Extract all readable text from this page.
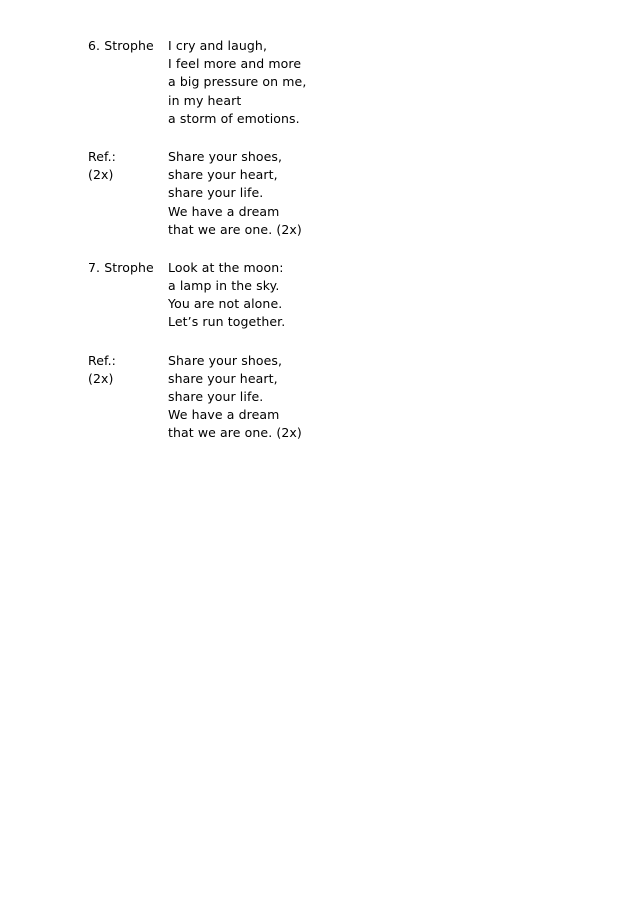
6. Strophe	I cry and laugh,
I feel more and more
a big pressure on me,
in my heart
a storm of emotions.
Ref.:
(2x)
Share your shoes,
share your heart,
share your life.
We have a dream
that we are one. (2x)
7. Strophe	Look at the moon:
a lamp in the sky.
You are not alone.
Let’s run together.
Ref.:
(2x)
Share your shoes,
share your heart,
share your life.
We have a dream
that we are one. (2x)
